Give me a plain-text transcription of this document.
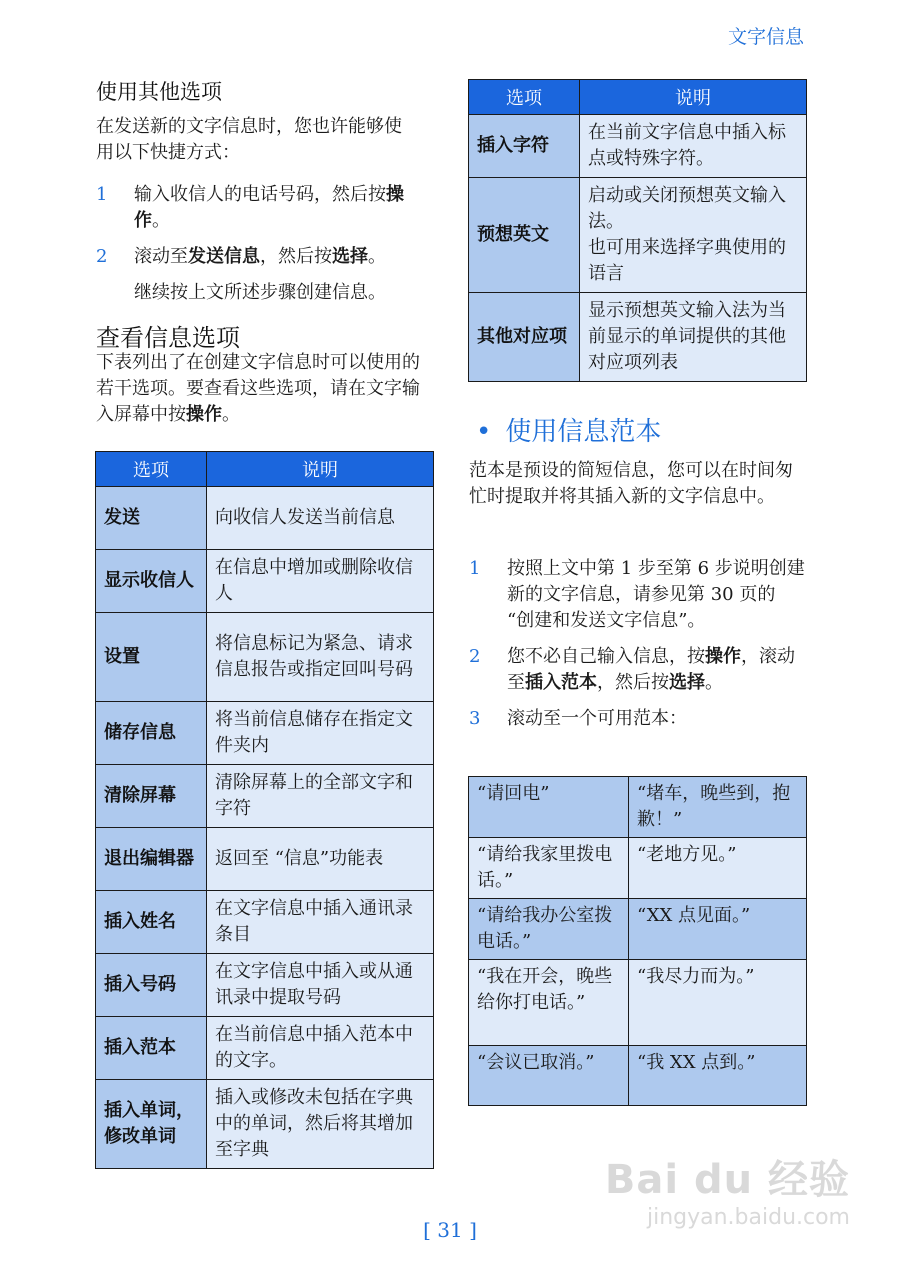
文字信息
使用其他选项
在发送新的文字信息时，您也许能够使用以下快捷方式：
1 输入收信人的电话号码，然后按操作。
2 滚动至发送信息，然后按选择。
继续按上文所述步骤创建信息。
查看信息选项
下表列出了在创建文字信息时可以使用的若干选项。要查看这些选项，请在文字输入屏幕中按操作。
选项	说明
发送	向收信人发送当前信息
显示收信人	在信息中增加或删除收信人
设置	将信息标记为紧急、请求信息报告或指定回叫号码
储存信息	将当前信息储存在指定文件夹内
清除屏幕	清除屏幕上的全部文字和字符
退出编辑器	返回至 “信息”功能表
插入姓名	在文字信息中插入通讯录条目
插入号码	在文字信息中插入或从通讯录中提取号码
插入范本	在当前信息中插入范本中的文字。
插入单词，修改单词	插入或修改未包括在字典中的单词，然后将其增加至字典
选项	说明
插入字符	在当前文字信息中插入标点或特殊字符。
预想英文	启动或关闭预想英文输入法。
也可用来选择字典使用的语言

其他对应项	显示预想英文输入法为当前显示的单词提供的其他对应项列表
• 使用信息范本
范本是预设的简短信息，您可以在时间匆忙时提取并将其插入新的文字信息中。
1 按照上文中第 1 步至第 6 步说明创建新的文字信息，请参见第 30 页的 “创建和发送文字信息”。
2 您不必自己输入信息，按操作，滚动至插入范本，然后按选择。
3 滚动至一个可用范本：
“请回电”	“堵车，晚些到，抱歉！”
“请给我家里拨电话。”	“老地方见。”
“请给我办公室拨电话。”	“XX 点见面。”
“我在开会，晚些给你打电话。”	“我尽力而为。”
“会议已取消。”	“我 XX 点到。”
Bai du 经验
jingyan.baidu.com
[ 31 ]
